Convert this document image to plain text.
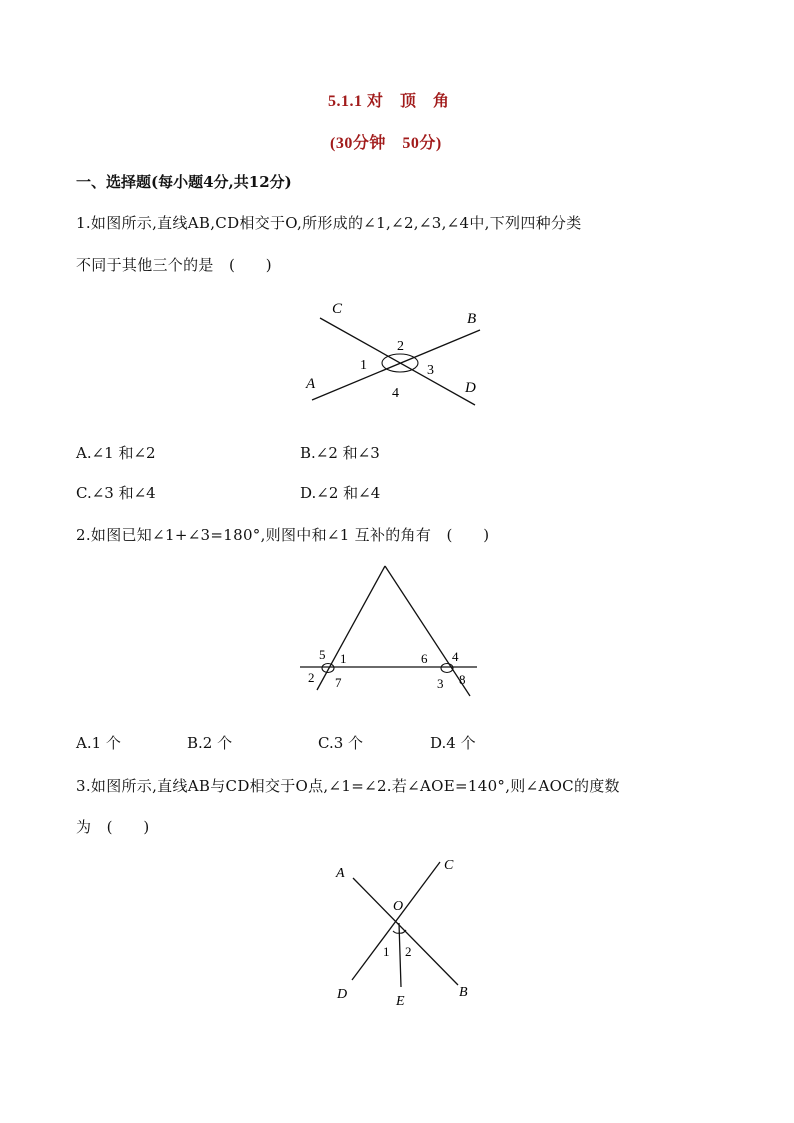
5.1.1 对　顶　角
(30分钟　50分)
一、选择题(每小题4分,共12分)
1.如图所示,直线AB,CD相交于O,所形成的∠1,∠2,∠3,∠4中,下列四种分类
不同于其他三个的是　(　　)
C
B
A	D
1
2
3
4
A.∠1 和∠2	B.∠2 和∠3
C.∠3 和∠4	D.∠2 和∠4
2.如图已知∠1+∠3=180°,则图中和∠1 互补的角有　(　　)
5 1
2 7
6 4
3 8
A.1 个	B.2 个	C.3 个	D.4 个
3.如图所示,直线AB与CD相交于O点,∠1=∠2.若∠AOE=140°,则∠AOC的度数
为　(　　)
A
C
O
1 2
D	E
B
